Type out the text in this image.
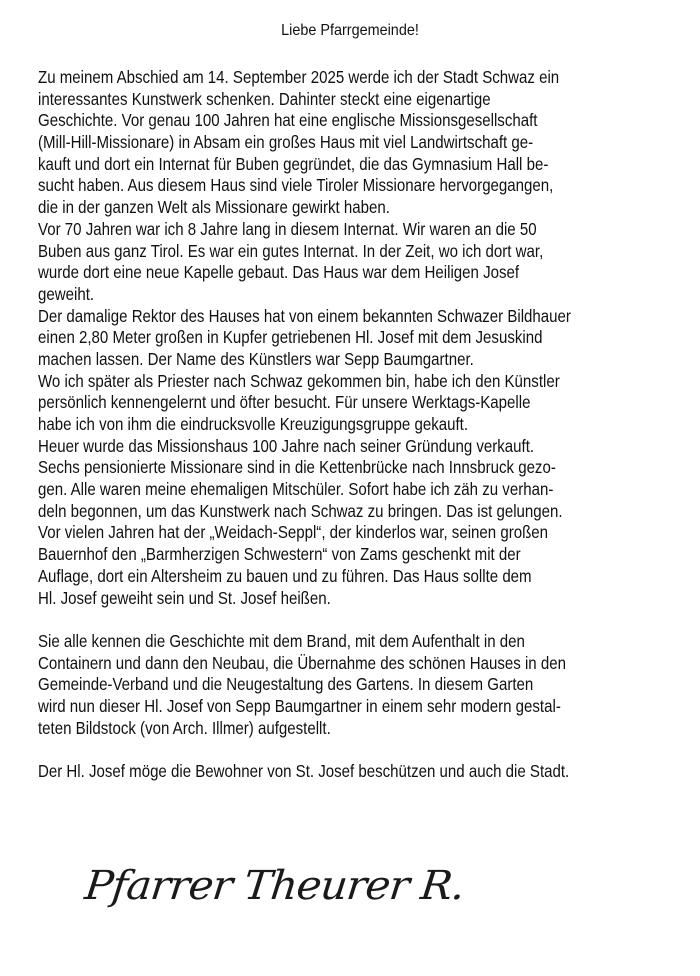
Liebe Pfarrgemeinde!
Zu meinem Abschied am 14. September 2025 werde ich der Stadt Schwaz ein
interessantes Kunstwerk schenken. Dahinter steckt eine eigenartige
Geschichte. Vor genau 100 Jahren hat eine englische Missionsgesellschaft
(Mill-Hill-Missionare) in Absam ein großes Haus mit viel Landwirtschaft ge-
kauft und dort ein Internat für Buben gegründet, die das Gymnasium Hall be-
sucht haben. Aus diesem Haus sind viele Tiroler Missionare hervorgegangen,
die in der ganzen Welt als Missionare gewirkt haben.
Vor 70 Jahren war ich 8 Jahre lang in diesem Internat. Wir waren an die 50
Buben aus ganz Tirol. Es war ein gutes Internat. In der Zeit, wo ich dort war,
wurde dort eine neue Kapelle gebaut. Das Haus war dem Heiligen Josef
geweiht.
Der damalige Rektor des Hauses hat von einem bekannten Schwazer Bildhauer
einen 2,80 Meter großen in Kupfer getriebenen Hl. Josef mit dem Jesuskind
machen lassen. Der Name des Künstlers war Sepp Baumgartner.
Wo ich später als Priester nach Schwaz gekommen bin, habe ich den Künstler
persönlich kennengelernt und öfter besucht. Für unsere Werktags-Kapelle
habe ich von ihm die eindrucksvolle Kreuzigungsgruppe gekauft.
Heuer wurde das Missionshaus 100 Jahre nach seiner Gründung verkauft.
Sechs pensionierte Missionare sind in die Kettenbrücke nach Innsbruck gezo-
gen. Alle waren meine ehemaligen Mitschüler. Sofort habe ich zäh zu verhan-
deln begonnen, um das Kunstwerk nach Schwaz zu bringen. Das ist gelungen.
Vor vielen Jahren hat der „Weidach-Seppl“, der kinderlos war, seinen großen
Bauernhof den „Barmherzigen Schwestern“ von Zams geschenkt mit der
Auflage, dort ein Altersheim zu bauen und zu führen. Das Haus sollte dem
Hl. Josef geweiht sein und St. Josef heißen.
Sie alle kennen die Geschichte mit dem Brand, mit dem Aufenthalt in den
Containern und dann den Neubau, die Übernahme des schönen Hauses in den
Gemeinde-Verband und die Neugestaltung des Gartens. In diesem Garten
wird nun dieser Hl. Josef von Sepp Baumgartner in einem sehr modern gestal-
teten Bildstock (von Arch. Illmer) aufgestellt.
Der Hl. Josef möge die Bewohner von St. Josef beschützen und auch die Stadt.
Pfarrer Theurer R.
